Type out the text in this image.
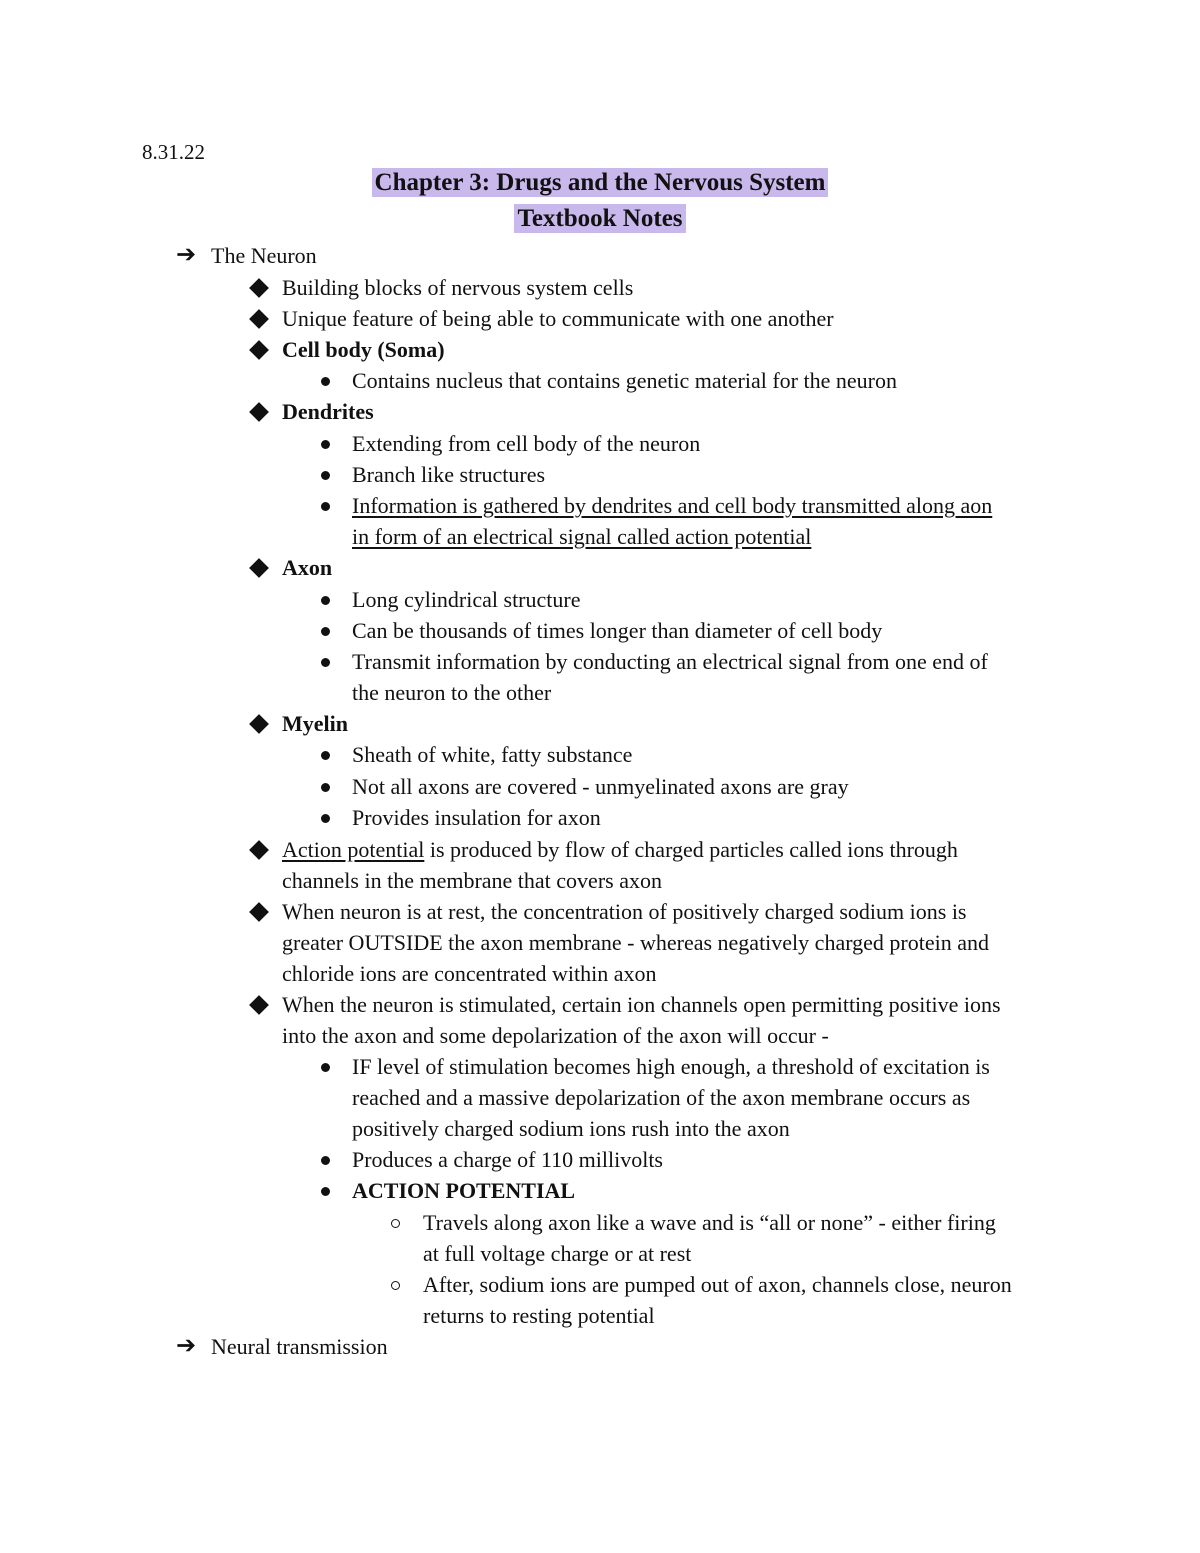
8.31.22
Chapter 3: Drugs and the Nervous System
Textbook Notes
➔ The Neuron
Building blocks of nervous system cells
Unique feature of being able to communicate with one another
Cell body (Soma)
Contains nucleus that contains genetic material for the neuron
Dendrites
Extending from cell body of the neuron
Branch like structures
Information is gathered by dendrites and cell body transmitted along aon
in form of an electrical signal called action potential
Axon
Long cylindrical structure
Can be thousands of times longer than diameter of cell body
Transmit information by conducting an electrical signal from one end of
the neuron to the other
Myelin
Sheath of white, fatty substance
Not all axons are covered - unmyelinated axons are gray
Provides insulation for axon
Action potential is produced by flow of charged particles called ions through
channels in the membrane that covers axon
When neuron is at rest, the concentration of positively charged sodium ions is
greater OUTSIDE the axon membrane - whereas negatively charged protein and
chloride ions are concentrated within axon
When the neuron is stimulated, certain ion channels open permitting positive ions
into the axon and some depolarization of the axon will occur -
IF level of stimulation becomes high enough, a threshold of excitation is
reached and a massive depolarization of the axon membrane occurs as
positively charged sodium ions rush into the axon
Produces a charge of 110 millivolts
ACTION POTENTIAL
Travels along axon like a wave and is “all or none” - either firing
at full voltage charge or at rest
After, sodium ions are pumped out of axon, channels close, neuron
returns to resting potential
➔ Neural transmission
